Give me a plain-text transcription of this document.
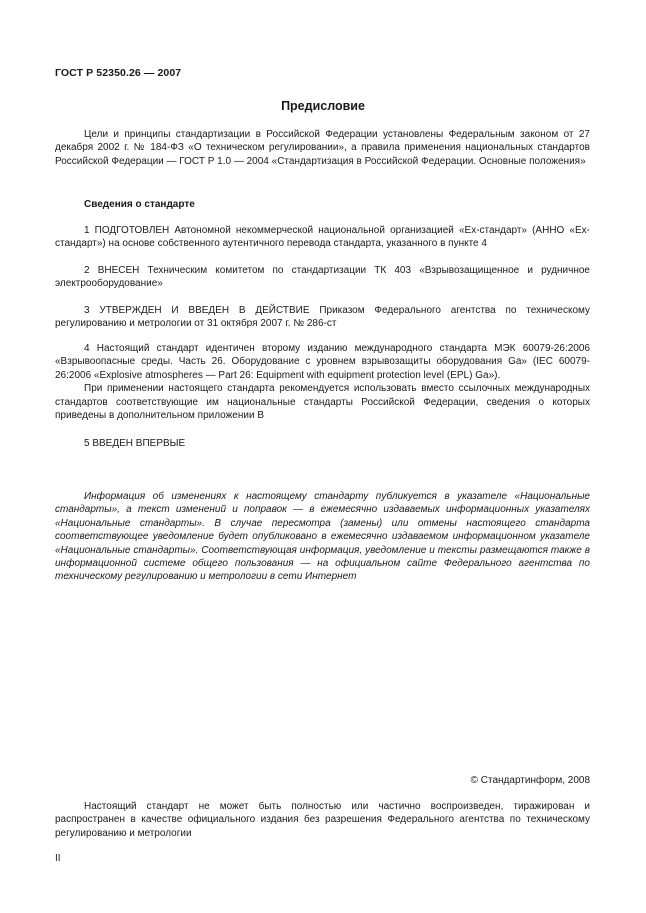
ГОСТ Р 52350.26 — 2007
Предисловие

Цели и принципы стандартизации в Российской Федерации установлены Федеральным законом от 27 декабря 2002 г. № 184-ФЗ «О техническом регулировании», а правила применения национальных стандартов Российской Федерации — ГОСТ Р 1.0 — 2004 «Стандартизация в Российской Федерации. Основные положения»

Сведения о стандарте

1 ПОДГОТОВЛЕН Автономной некоммерческой национальной организацией «Ех-стандарт» (АННО «Ех-стандарт») на основе собственного аутентичного перевода стандарта, указанного в пункте 4

2 ВНЕСЕН Техническим комитетом по стандартизации ТК 403 «Взрывозащищенное и рудничное электрооборудование»

3 УТВЕРЖДЕН И ВВЕДЕН В ДЕЙСТВИЕ Приказом Федерального агентства по техническому регулированию и метрологии от 31 октября 2007 г. № 286-ст

4 Настоящий стандарт идентичен второму изданию международного стандарта МЭК 60079-26:2006 «Взрывоопасные среды. Часть 26. Оборудование с уровнем взрывозащиты оборудования Ga» (IEC 60079-26:2006 «Explosive atmospheres — Part 26: Equipment with equipment protection level (EPL) Ga»).

При применении настоящего стандарта рекомендуется использовать вместо ссылочных международных стандартов соответствующие им национальные стандарты Российской Федерации, сведения о которых приведены в дополнительном приложении В

5 ВВЕДЕН ВПЕРВЫЕ

Информация об изменениях к настоящему стандарту публикуется в указателе «Национальные стандарты», а текст изменений и поправок — в ежемесячно издаваемых информационных указателях «Национальные стандарты». В случае пересмотра (замены) или отмены настоящего стандарта соответствующее уведомление будет опубликовано в ежемесячно издаваемом информационном указателе «Национальные стандарты». Соответствующая информация, уведомление и тексты размещаются также в информационной системе общего пользования — на официальном сайте Федерального агентства по техническому регулированию и метрологии в сети Интернет

© Стандартинформ, 2008

Настоящий стандарт не может быть полностью или частично воспроизведен, тиражирован и распространен в качестве официального издания без разрешения Федерального агентства по техническому регулированию и метрологии

II
